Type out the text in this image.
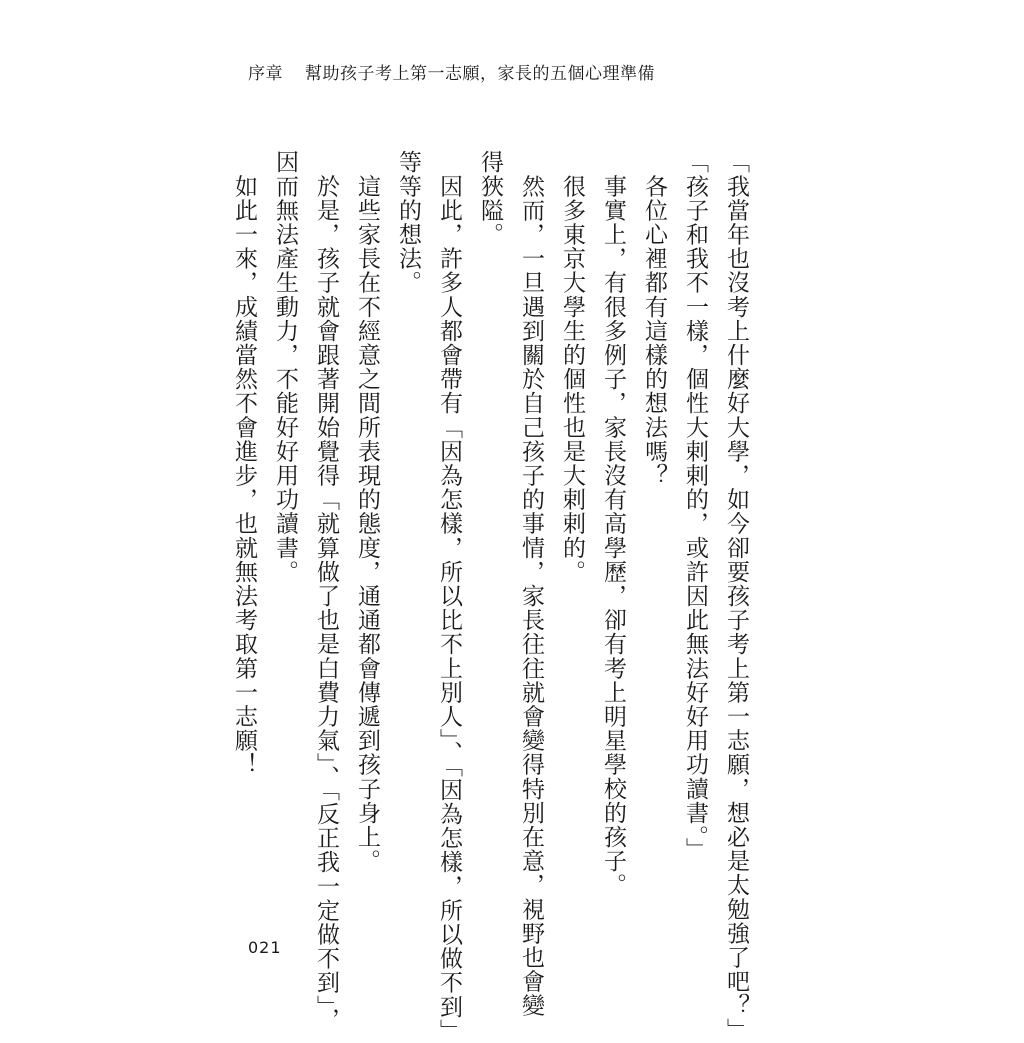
序章 幫助孩子考上第一志願，家長的五個心理準備
「我當年也沒考上什麼好大學，如今卻要孩子考上第一志願，想必是太勉強了吧？」
「孩子和我不一樣，個性大剌剌的，或許因此無法好好用功讀書。」
　各位心裡都有這樣的想法嗎？
　事實上，有很多例子，家長沒有高學歷，卻有考上明星學校的孩子。
　很多東京大學生的個性也是大剌剌的。
　然而，一旦遇到關於自己孩子的事情，家長往往就會變得特別在意，視野也會變
得狹隘。
　因此，許多人都會帶有「因為怎樣，所以比不上別人」、「因為怎樣，所以做不到」
等等的想法。
　這些家長在不經意之間所表現的態度，通通都會傳遞到孩子身上。
　於是，孩子就會跟著開始覺得「就算做了也是白費力氣」、「反正我一定做不到」，
因而無法產生動力，不能好好用功讀書。
　如此一來，成績當然不會進步，也就無法考取第一志願！
021
